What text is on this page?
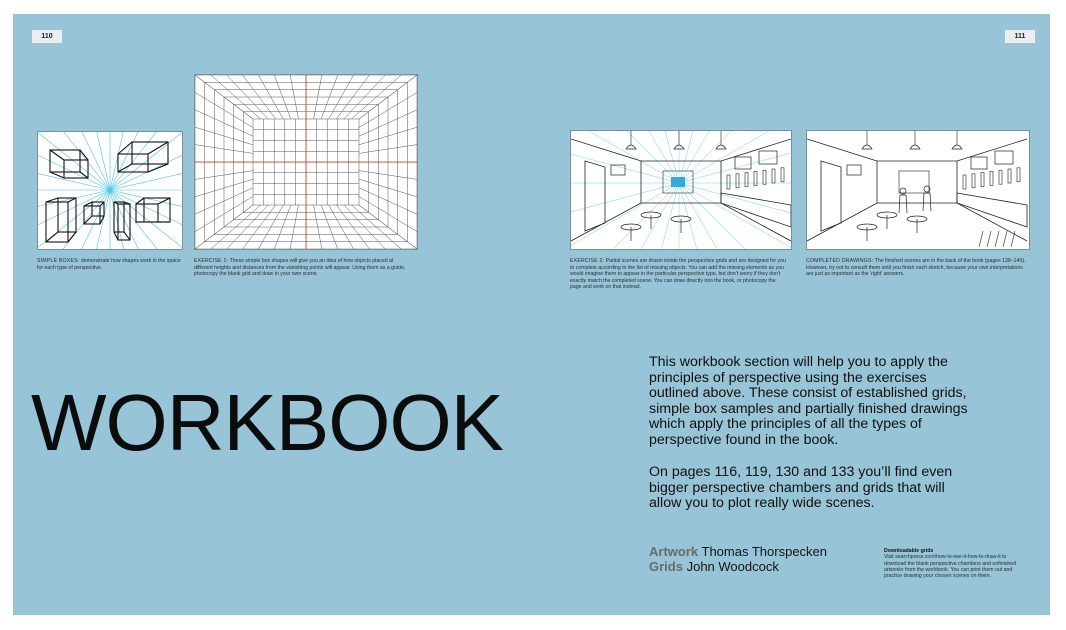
110	111
SIMPLE BOXES: demonstrate how shapes work in the space for each type of perspective.
EXERCISE 1: These simple box shapes will give you an idea of how objects placed at different heights and distances from the vanishing points will appear. Using them as a guide, photocopy the blank grid and draw in your own scene.
EXERCISE 2: Partial scenes are drawn inside the perspective grids and are designed for you to complete according to the list of missing objects. You can add the missing elements as you would imagine them to appear in the particular perspective type, but don’t worry if they don’t exactly match the completed scene. You can draw directly into the book, or photocopy the page and work on that instead.
COMPLETED DRAWINGS: The finished scenes are in the back of the book (pages 138–140). However, try not to consult them until you finish each sketch, because your own interpretations are just as important as the ‘right’ answers.
WORKBOOK
This workbook section will help you to apply the principles of perspective using the exercises outlined above. These consist of established grids, simple box samples and partially finished drawings which apply the principles of all the types of perspective found in the book.
On pages 116, 119, 130 and 133 you’ll find even bigger perspective chambers and grids that will allow you to plot really wide scenes.
Artwork Thomas Thorspecken
Grids John Woodcock
Downloadable grids
Visit searchpress.com/how-to-see-it-how-to-draw-it to download the blank perspective chambers and unfinished artworks from the workbook. You can print them out and practice drawing your chosen scenes on them.
